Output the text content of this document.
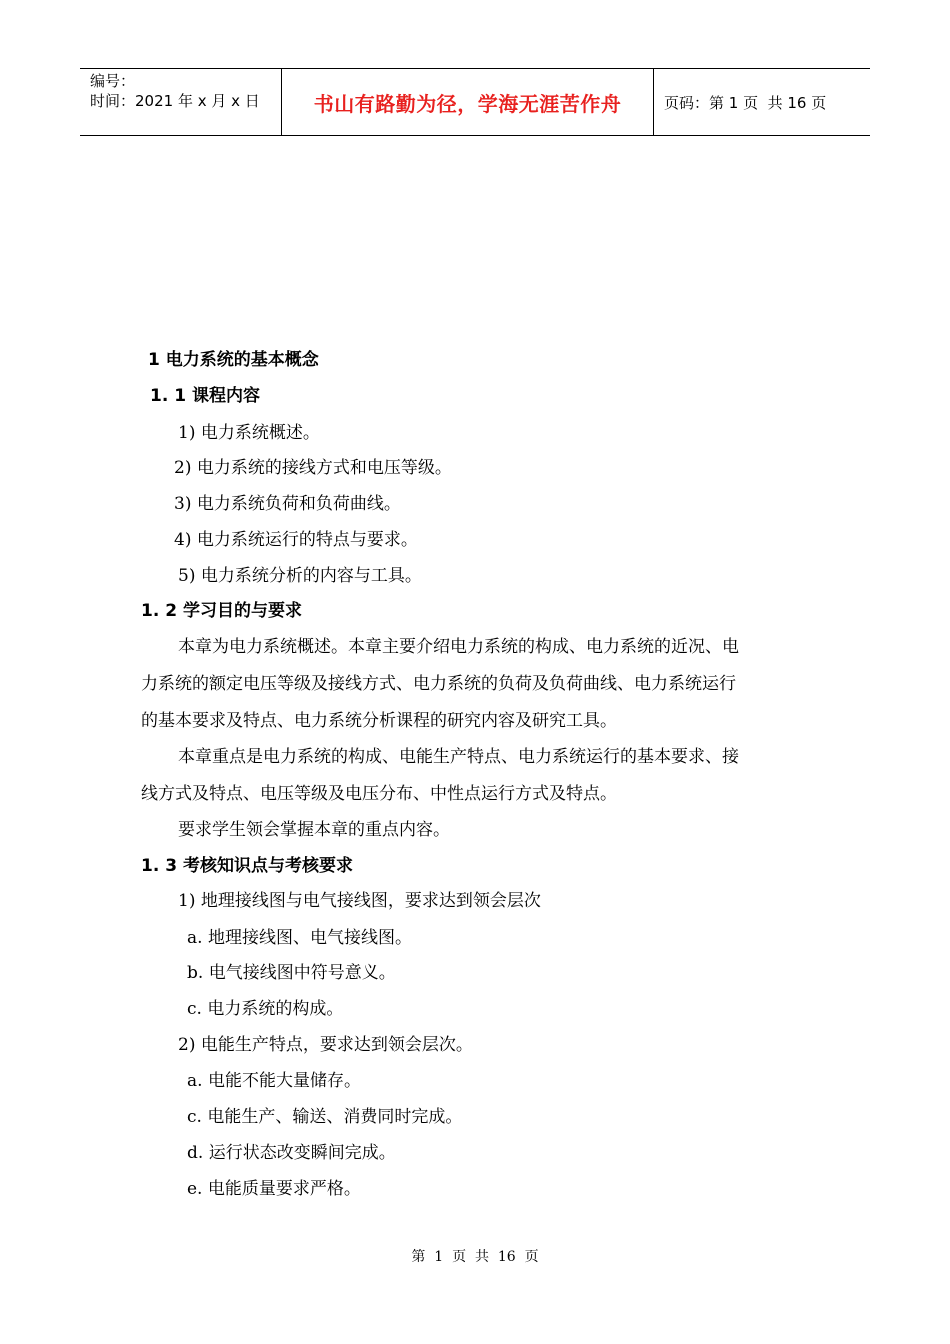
编号：
时间：2021 年 x 月 x 日	书山有路勤为径，学海无涯苦作舟	页码：第 1 页  共 16 页
1 电力系统的基本概念
1. 1 课程内容
1) 电力系统概述。
2) 电力系统的接线方式和电压等级。
3) 电力系统负荷和负荷曲线。
4) 电力系统运行的特点与要求。
5) 电力系统分析的内容与工具。
1. 2 学习目的与要求
本章为电力系统概述。本章主要介绍电力系统的构成、电力系统的近况、电
力系统的额定电压等级及接线方式、电力系统的负荷及负荷曲线、电力系统运行
的基本要求及特点、电力系统分析课程的研究内容及研究工具。
本章重点是电力系统的构成、电能生产特点、电力系统运行的基本要求、接
线方式及特点、电压等级及电压分布、中性点运行方式及特点。
要求学生领会掌握本章的重点内容。
1. 3 考核知识点与考核要求
1) 地理接线图与电气接线图，要求达到领会层次
a. 地理接线图、电气接线图。
b. 电气接线图中符号意义。
c. 电力系统的构成。
2) 电能生产特点，要求达到领会层次。
a. 电能不能大量储存。
c. 电能生产、输送、消费同时完成。
d. 运行状态改变瞬间完成。
e. 电能质量要求严格。
第  1  页  共  16  页
